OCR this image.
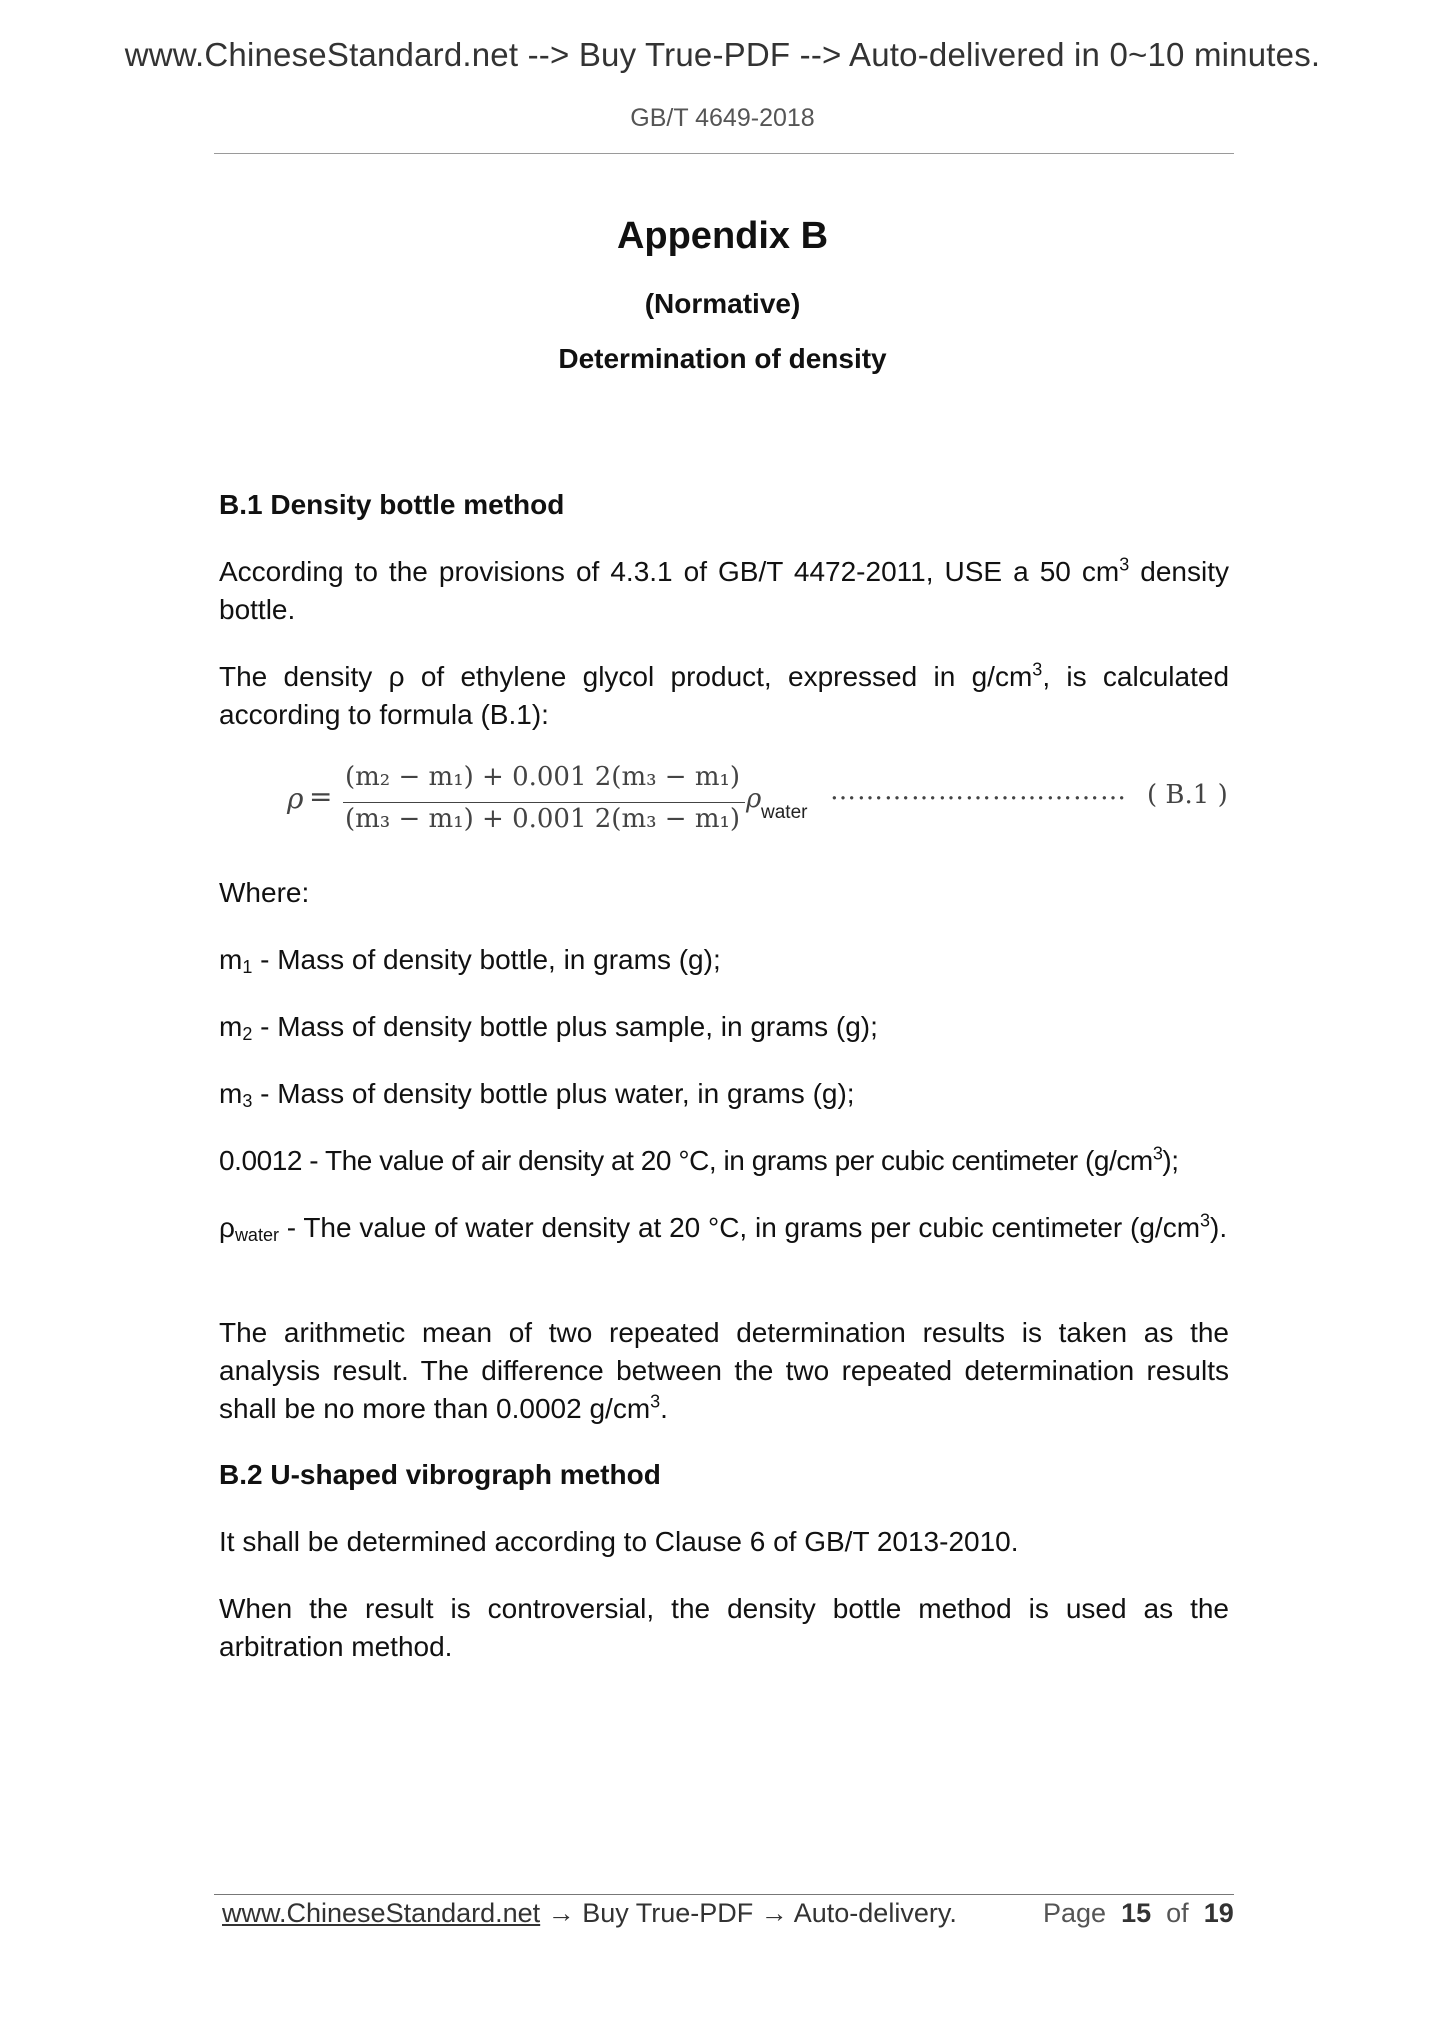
www.ChineseStandard.net --> Buy True-PDF --> Auto-delivered in 0~10 minutes.
GB/T 4649-2018
Appendix B
(Normative)
Determination of density
B.1 Density bottle method
According to the provisions of 4.3.1 of GB/T 4472-2011, USE a 50 $cm^3$ density bottle.
The density ρ of ethylene glycol product, expressed in $g/cm^3$, is calculated according to formula (B.1):
ρ =
(m₂ − m₁) + 0.001 2(m₃ − m₁)
(m₃ − m₁) + 0.001 2(m₃ − m₁)
ρ water
…………………………… ( B.1 )
Where:
$m_1$ - Mass of density bottle, in grams (g);
$m_2$ - Mass of density bottle plus sample, in grams (g);
$m_3$ - Mass of density bottle plus water, in grams (g);
0.0012 - The value of air density at 20 °C, in grams per cubic centimeter $(g/cm^3)$;
$\rho_{water}$ - The value of water density at 20 °C, in grams per cubic centimeter $(g/cm^3)$.
The arithmetic mean of two repeated determination results is taken as the analysis result. The difference between the two repeated determination results shall be no more than 0.0002 $g/cm^3$.
B.2 U-shaped vibrograph method
It shall be determined according to Clause 6 of GB/T 2013-2010.
When the result is controversial, the density bottle method is used as the arbitration method.
www.ChineseStandard.net → Buy True-PDF → Auto-delivery.	Page 15 of 19
